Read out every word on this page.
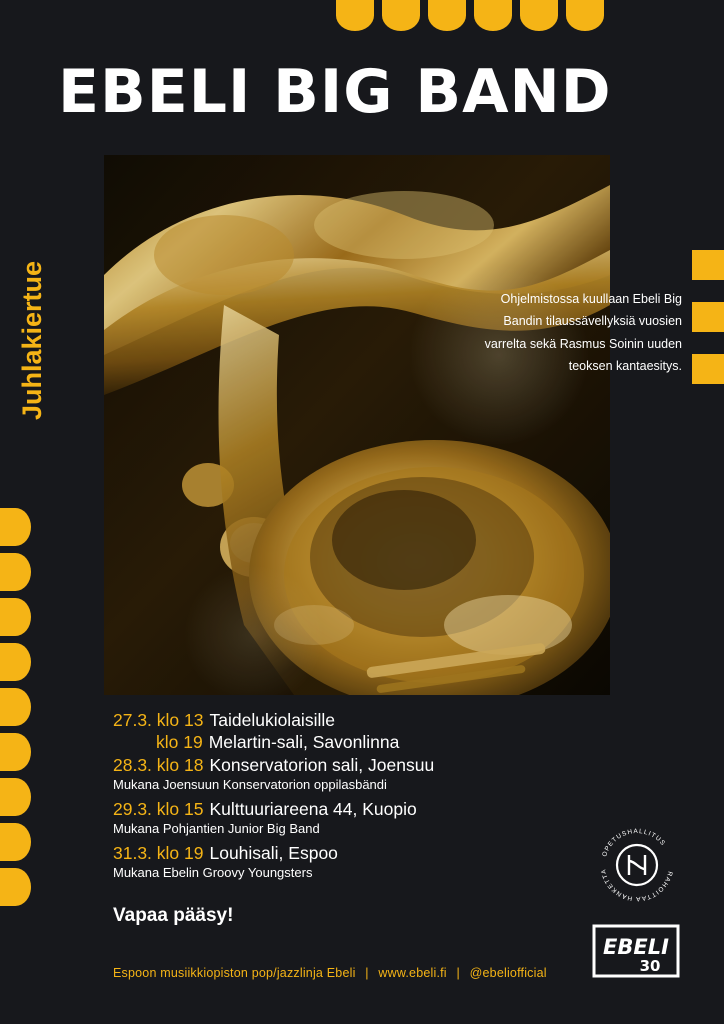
EBELI BIG BAND
Juhlakiertue	Ohjelmistossa kuullaan Ebeli Big Bandin tilaussävellyksiä vuosien varrelta sekä Rasmus Soinin uuden teoksen kantaesitys.
27.3. klo 13 Taidelukiolaisille
klo 19 Melartin-sali, Savonlinna
28.3. klo 18 Konservatorion sali, Joensuu
Mukana Joensuun Konservatorion oppilasbändi
29.3. klo 15 Kulttuuriareena 44, Kuopio
Mukana Pohjantien Junior Big Band
31.3. klo 19 Louhisali, Espoo
Mukana Ebelin Groovy Youngsters
Vapaa pääsy!
Espoon musiikkiopiston pop/jazzlinja Ebeli | www.ebeli.fi | @ebeliofficial
OPETUSHALLITUS
RAHOITTAA HANKETTA
EBELI
30
